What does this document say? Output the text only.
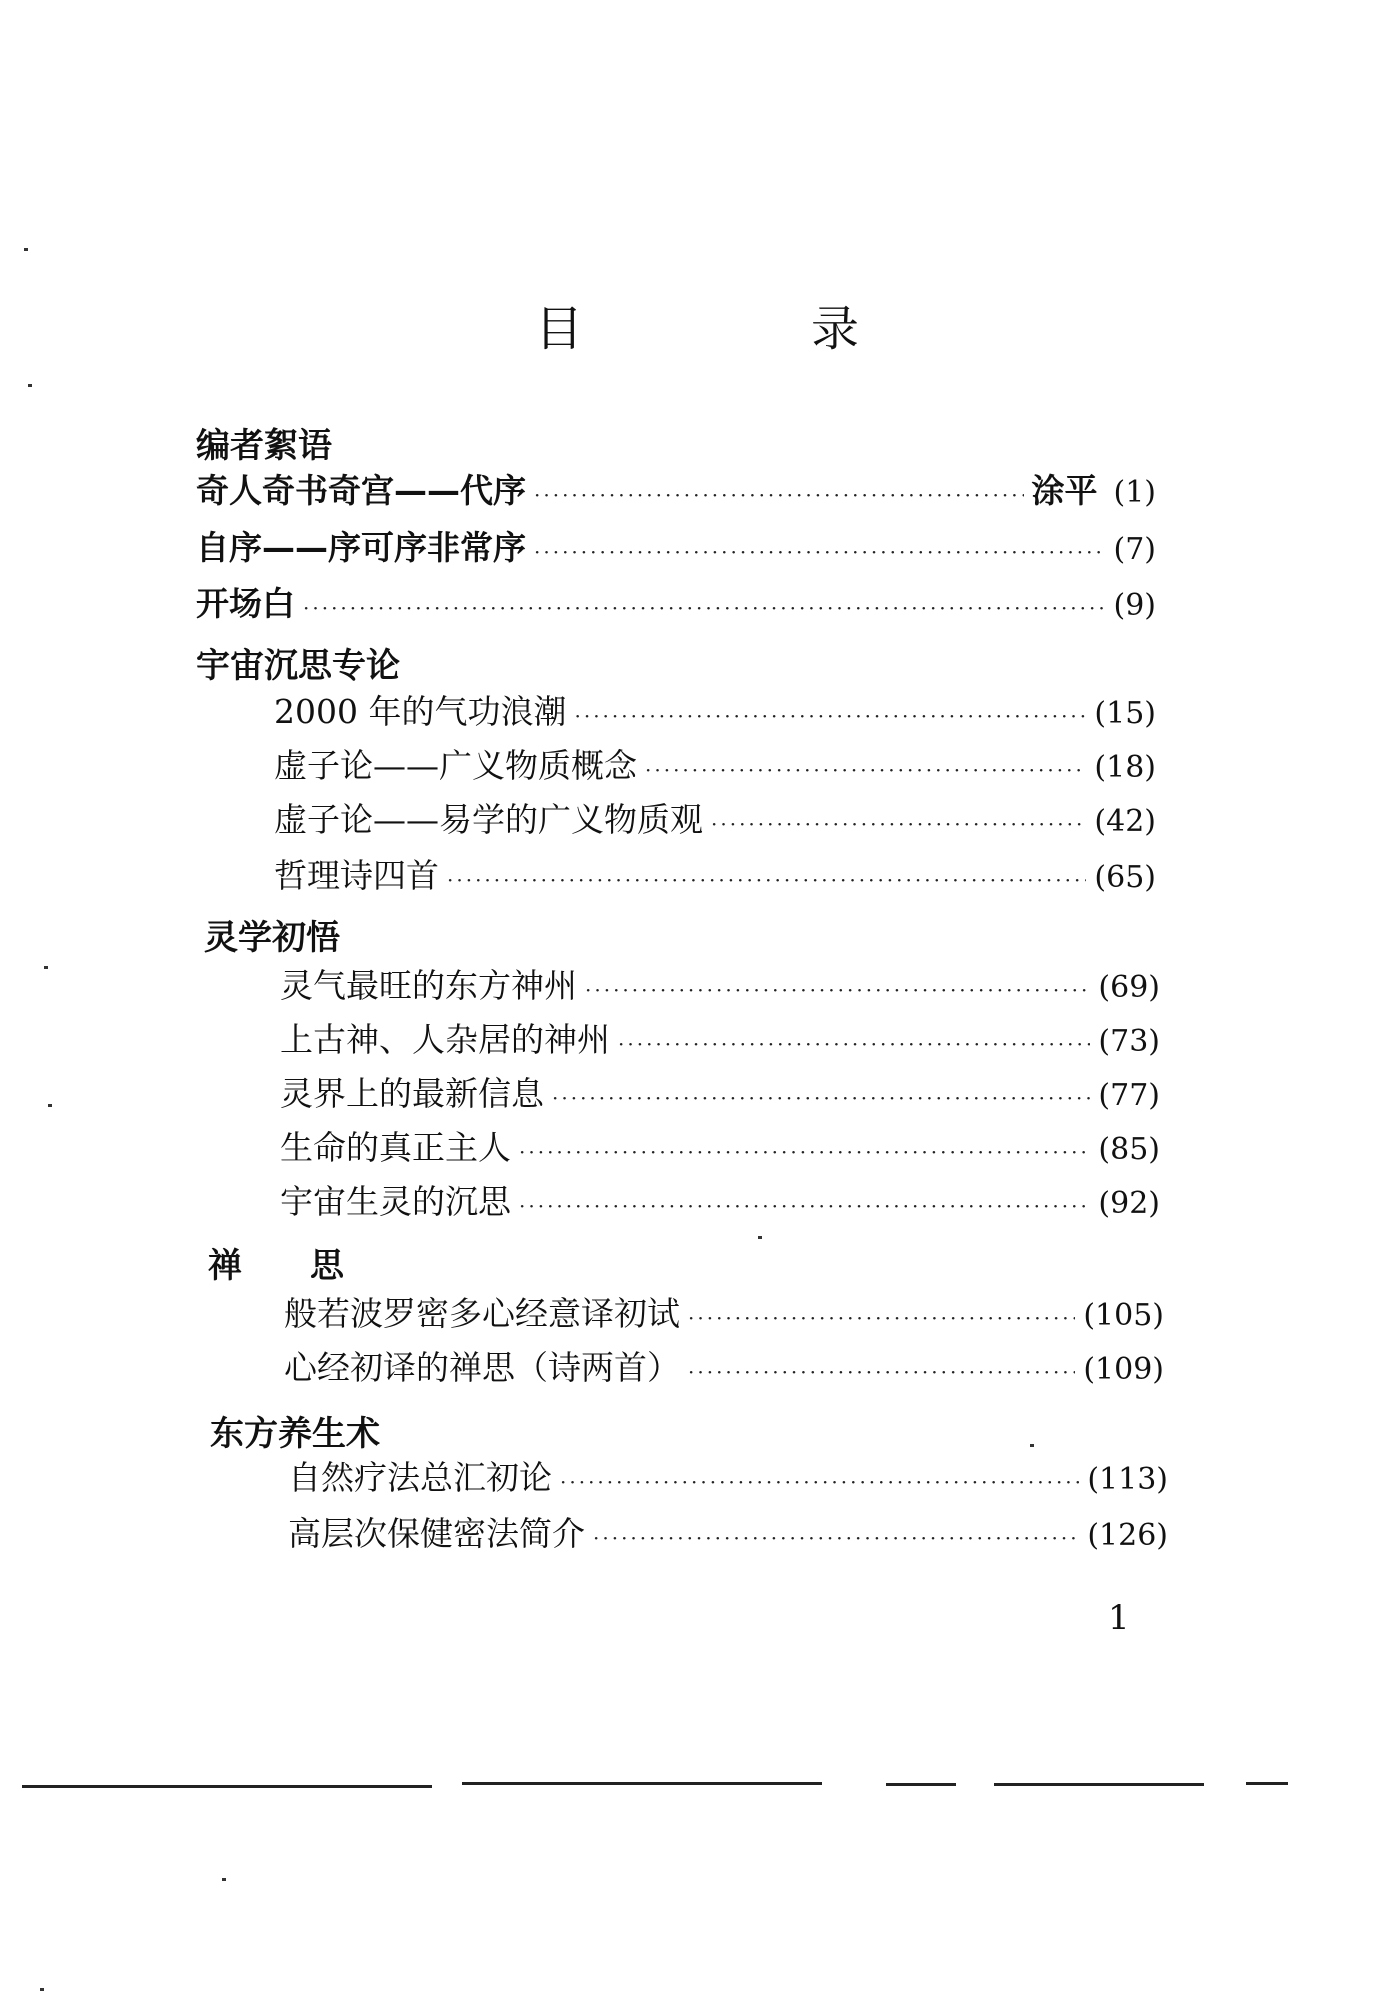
目　录
编者絮语
宇宙沉思专论
灵学初悟
禅　　思
东方养生术
奇人奇书奇宫——代序 ·····	涂平 (1)
自序——序可序非常序 ·····	(7)
开场白 ·····	(9)
2000 年的气功浪潮 ·····	(15)
虚子论——广义物质概念 ·····	(18)
虚子论——易学的广义物质观 ·····	(42)
哲理诗四首 ·····	(65)
灵气最旺的东方神州 ·····	(69)
上古神、人杂居的神州 ·····	(73)
灵界上的最新信息 ·····	(77)
生命的真正主人 ·····	(85)
宇宙生灵的沉思 ·····	(92)
般若波罗密多心经意译初试 ·····	(105)
心经初译的禅思（诗两首） ·····	(109)
自然疗法总汇初论 ·····	(113)
高层次保健密法简介 ·····	(126)
1
